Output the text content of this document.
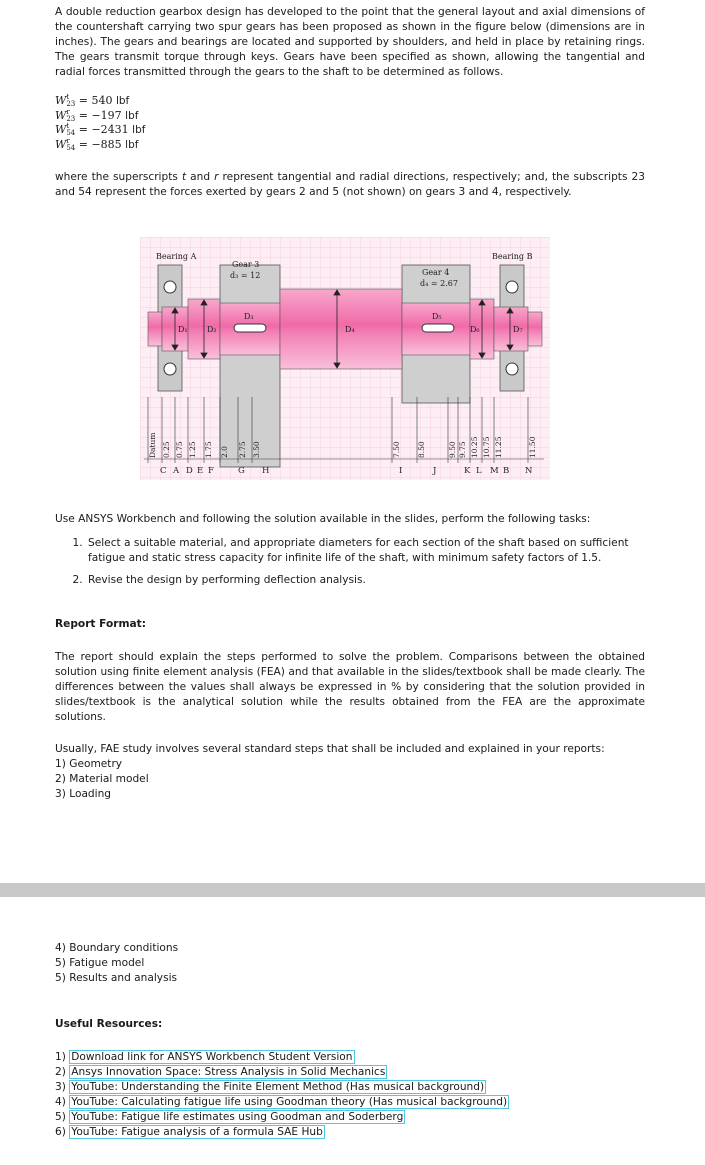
A double reduction gearbox design has developed to the point that the general layout and axial dimensions of the countershaft carrying two spur gears has been proposed as shown in the figure below (dimensions are in inches). The gears and bearings are located and supported by shoulders, and held in place by retaining rings. The gears transmit torque through keys. Gears have been specified as shown, allowing the tangential and radial forces transmitted through the gears to the shaft to be determined as follows.

W t
23 = 540 lbf
W r
23 = −197 lbf
W t
54 = −2431 lbf
W r
54 = −885 lbf

where the superscripts t and r represent tangential and radial directions, respectively; and, the subscripts 23 and 54 represent the forces exerted by gears 2 and 5 (not shown) on gears 3 and 4, respectively.

Bearing A	Bearing B
Gear 3
d₃ = 12	Gear 4
d₄ = 2.67
D₁ D₂
D₃
D₄
D₅
D₆	D₇
Datum 0.25 0.75 1.25 1.75 2.0 2.75 3.50	7.50 8.50	9.50 9.75 10.25 10.75 11.25	11.50
C A D E F	G H	I	J	K L M B N

Use ANSYS Workbench and following the solution available in the slides, perform the following tasks:

1. Select a suitable material, and appropriate diameters for each section of the shaft based on sufficient fatigue and static stress capacity for infinite life of the shaft, with minimum safety factors of 1.5.
2. Revise the design by performing deflection analysis.
Report Format:

The report should explain the steps performed to solve the problem. Comparisons between the obtained solution using finite element analysis (FEA) and that available in the slides/textbook shall be made clearly. The differences between the values shall always be expressed in % by considering that the solution provided in slides/textbook is the analytical solution while the results obtained from the FEA are the approximate solutions.

Usually, FAE study involves several standard steps that shall be included and explained in your reports:

1) Geometry
2) Material model
3) Loading
4) Boundary conditions
5) Fatigue model
5) Results and analysis
Useful Resources:
1) Download link for ANSYS Workbench Student Version
2) Ansys Innovation Space: Stress Analysis in Solid Mechanics
3) YouTube: Understanding the Finite Element Method (Has musical background)
4) YouTube: Calculating fatigue life using Goodman theory (Has musical background)
5) YouTube: Fatigue life estimates using Goodman and Soderberg
6) YouTube: Fatigue analysis of a formula SAE Hub
